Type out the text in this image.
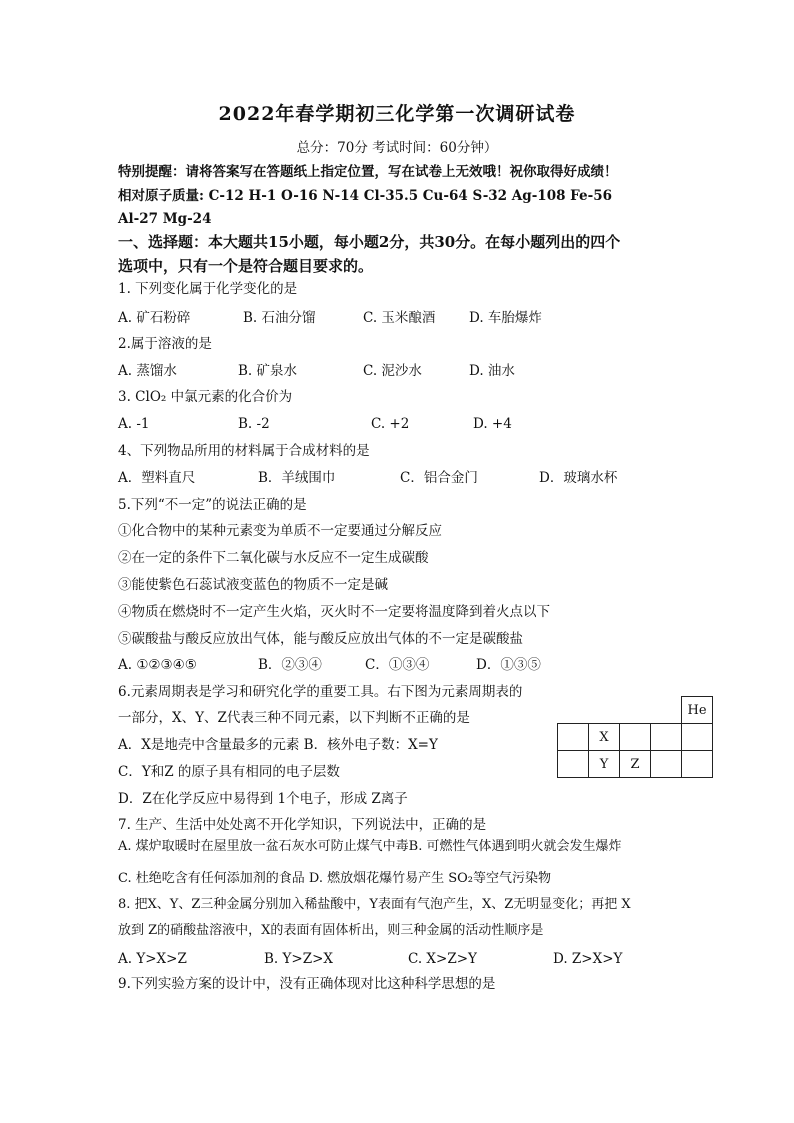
2022年春学期初三化学第一次调研试卷
总分：70分 考试时间：60分钟）
特别提醒：请将答案写在答题纸上指定位置，写在试卷上无效哦！祝你取得好成绩！
相对原子质量: C-12 H-1 O-16 N-14 Cl-35.5 Cu-64 S-32 Ag-108 Fe-56
Al-27 Mg-24
一、选择题：本大题共15小题，每小题2分，共30分。在每小题列出的四个
选项中，只有一个是符合题目要求的。
1. 下列变化属于化学变化的是
A. 矿石粉碎	B. 石油分馏	C. 玉米酿酒 D. 车胎爆炸
2.属于溶液的是
A. 蒸馏水	B. 矿泉水	C. 泥沙水	D. 油水
3. ClO₂ 中氯元素的化合价为
A. -1	B. -2	C. +2	D. +4
4、下列物品所用的材料属于合成材料的是
A．塑料直尺	B．羊绒围巾	C．铝合金门	D．玻璃水杯
5.下列“不一定”的说法正确的是
①化合物中的某种元素变为单质不一定要通过分解反应
②在一定的条件下二氧化碳与水反应不一定生成碳酸
③能使紫色石蕊试液变蓝色的物质不一定是碱
④物质在燃烧时不一定产生火焰，灭火时不一定要将温度降到着火点以下
⑤碳酸盐与酸反应放出气体，能与酸反应放出气体的不一定是碳酸盐
A. ①②③④⑤	B．②③④	C．①③④	D．①③⑤
6.元素周期表是学习和研究化学的重要工具。右下图为元素周期表的
一部分，X、Y、Z代表三种不同元素，以下判断不正确的是
A．X是地壳中含量最多的元素 B．核外电子数：X=Y
C．Y和Z 的原子具有相同的电子层数
D．Z在化学反应中易得到 1个电子，形成 Z离子
				He
	X			
	Y	Z		
7. 生产、生活中处处离不开化学知识，下列说法中，正确的是
A. 煤炉取暖时在屋里放一盆石灰水可防止煤气中毒B. 可燃性气体遇到明火就会发生爆炸
C. 杜绝吃含有任何添加剂的食品 D. 燃放烟花爆竹易产生 SO₂等空气污染物
8. 把X、Y、Z三种金属分别加入稀盐酸中，Y表面有气泡产生，X、Z无明显变化；再把 X
放到 Z的硝酸盐溶液中，X的表面有固体析出，则三种金属的活动性顺序是
A. Y>X>Z	B. Y>Z>X	C. X>Z>Y	D. Z>X>Y
9.下列实验方案的设计中，没有正确体现对比这种科学思想的是
